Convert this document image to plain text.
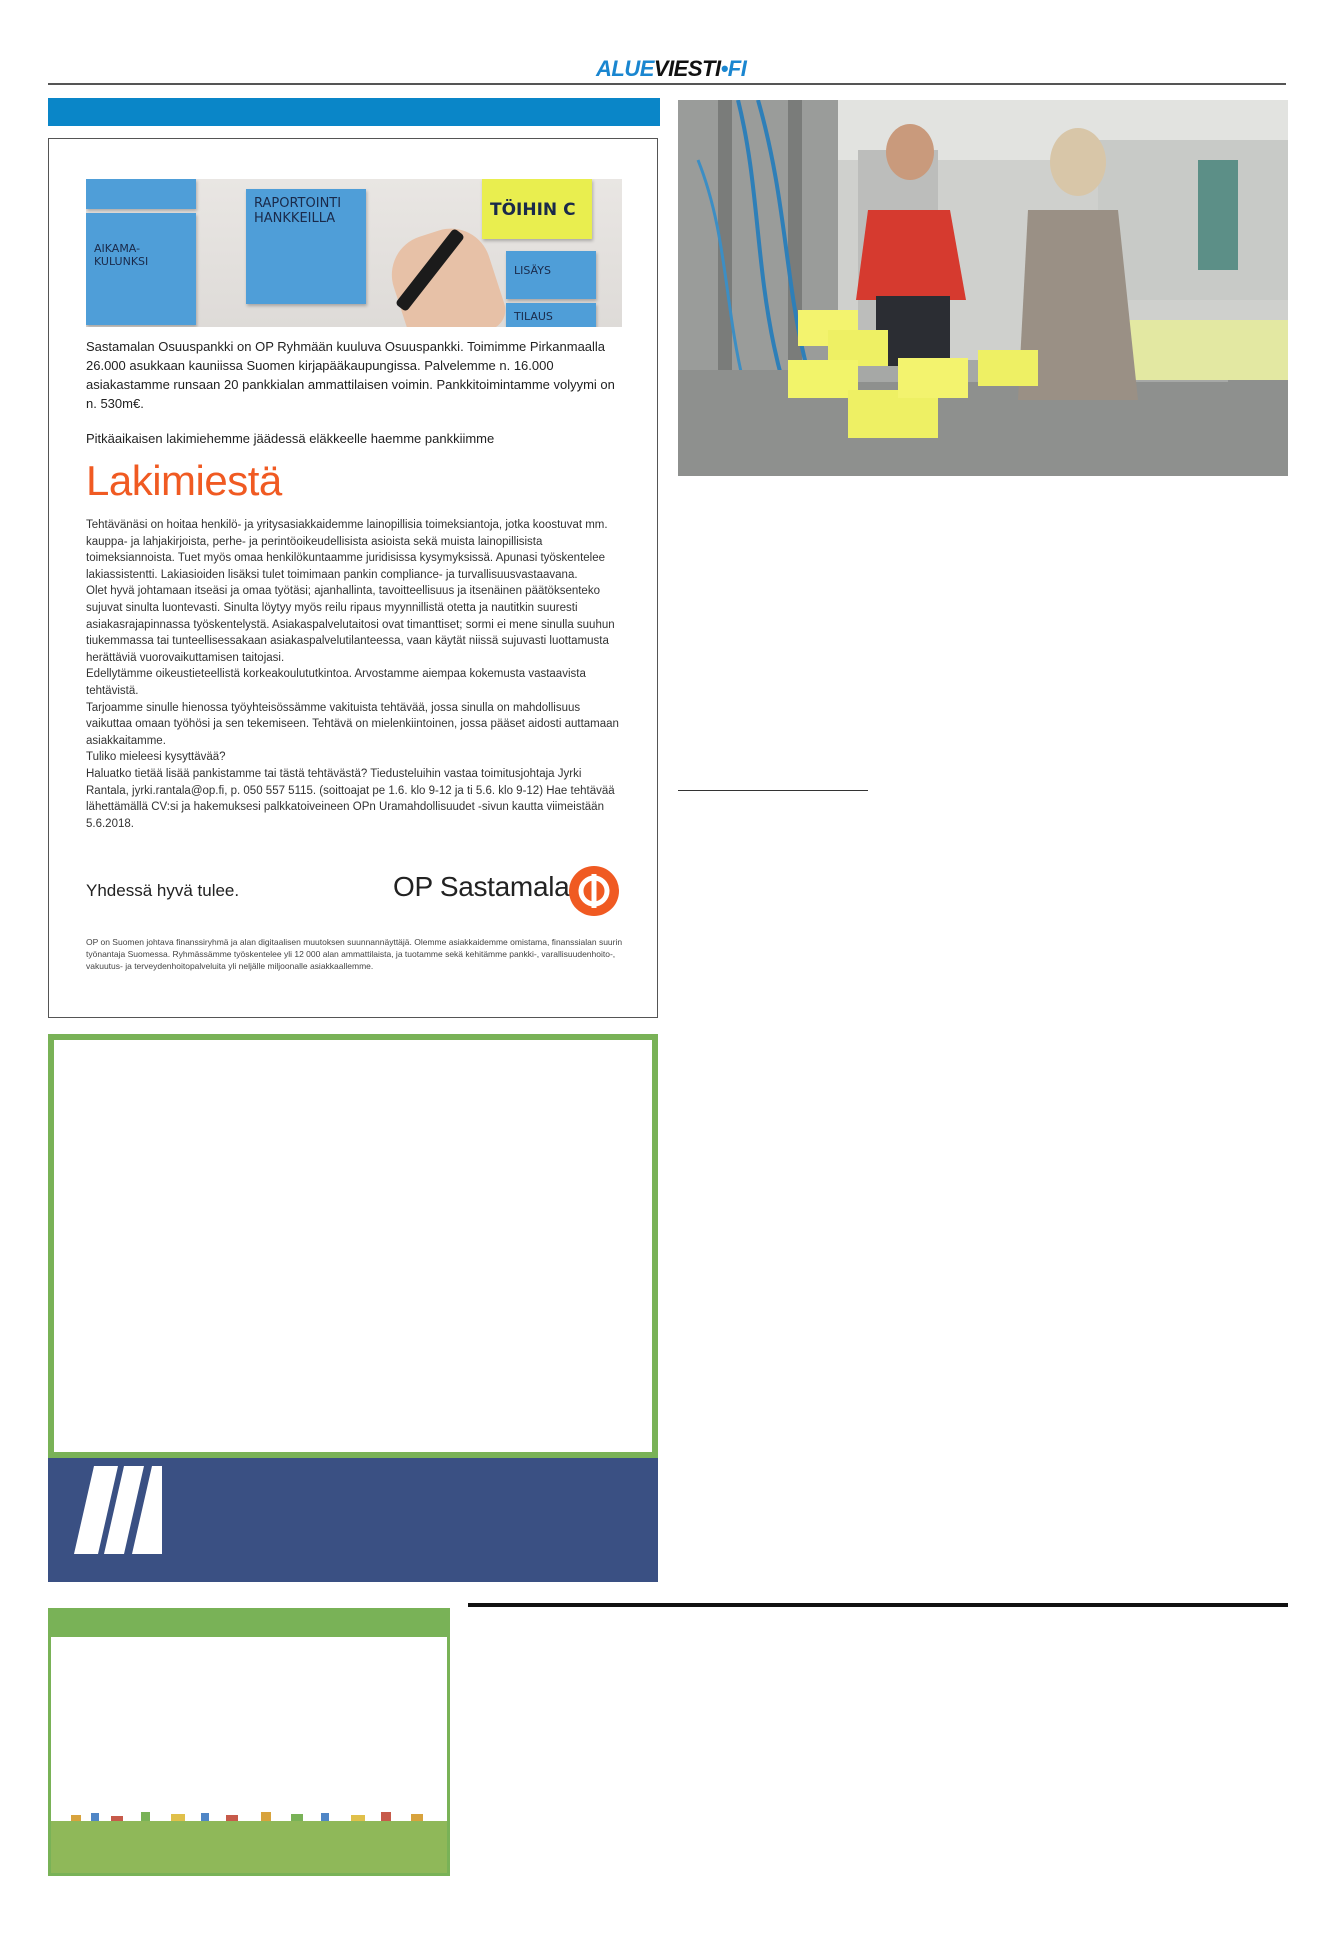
ALUEVIESTI•FI
AIKAMA-
KULUNKSI
RAPORTOINTI
HANKKEILLA	TÖIHIN C
LISÄYS
TILAUS
Sastamalan Osuuspankki on OP Ryhmään kuuluva Osuuspankki. Toimimme Pirkanmaalla 26.000 asukkaan kauniissa Suomen kirjapääkaupungissa. Palvelemme n. 16.000 asiakastamme runsaan 20 pankkialan ammattilaisen voimin. Pankkitoimintamme volyymi on n. 530m€.
Pitkäaikaisen lakimiehemme jäädessä eläkkeelle haemme pankkiimme
Lakimiestä

Tehtävänäsi on hoitaa henkilö- ja yritysasiakkaidemme lainopillisia toimeksiantoja, jotka koostuvat mm. kauppa- ja lahjakirjoista, perhe- ja perintöoikeudellisista asioista sekä muista lainopillisista toimeksiannoista. Tuet myös omaa henkilökuntaamme juridisissa kysymyksissä. Apunasi työskentelee lakiassistentti. Lakiasioiden lisäksi tulet toimimaan pankin compliance- ja turvallisuusvastaavana.

Olet hyvä johtamaan itseäsi ja omaa työtäsi; ajanhallinta, tavoitteellisuus ja itsenäinen päätöksenteko sujuvat sinulta luontevasti. Sinulta löytyy myös reilu ripaus myynnillistä otetta ja nautitkin suuresti asiakasrajapinnassa työskentelystä. Asiakaspalvelutaitosi ovat timanttiset; sormi ei mene sinulla suuhun tiukemmassa tai tunteellisessakaan asiakaspalvelutilanteessa, vaan käytät niissä sujuvasti luottamusta herättäviä vuorovaikuttamisen taitojasi.

Edellytämme oikeustieteellistä korkeakoulututkintoa. Arvostamme aiempaa kokemusta vastaavista tehtävistä.

Tarjoamme sinulle hienossa työyhteisössämme vakituista tehtävää, jossa sinulla on mahdollisuus vaikuttaa omaan työhösi ja sen tekemiseen. Tehtävä on mielenkiintoinen, jossa pääset aidosti auttamaan asiakkaitamme.

Tuliko mieleesi kysyttävää?

Haluatko tietää lisää pankistamme tai tästä tehtävästä? Tiedusteluihin vastaa toimitusjohtaja Jyrki Rantala, jyrki.rantala@op.fi, p. 050 557 5115. (soittoajat pe 1.6. klo 9-12 ja ti 5.6. klo 9-12) Hae tehtävää lähettämällä CV:si ja hakemuksesi palkkatoiveineen OPn Uramahdollisuudet -sivun kautta viimeistään 5.6.2018.

Yhdessä hyvä tulee.	OP Sastamala
OP on Suomen johtava finanssiryhmä ja alan digitaalisen muutoksen suunnannäyttäjä. Olemme asiakkaidemme omistama, finanssialan suurin työnantaja Suomessa. Ryhmässämme työskentelee yli 12 000 alan ammattilaista, ja tuotamme sekä kehitämme pankki-, varallisuudenhoito-, vakuutus- ja terveydenhoitopalveluita yli neljälle miljoonalle asiakkaallemme.
